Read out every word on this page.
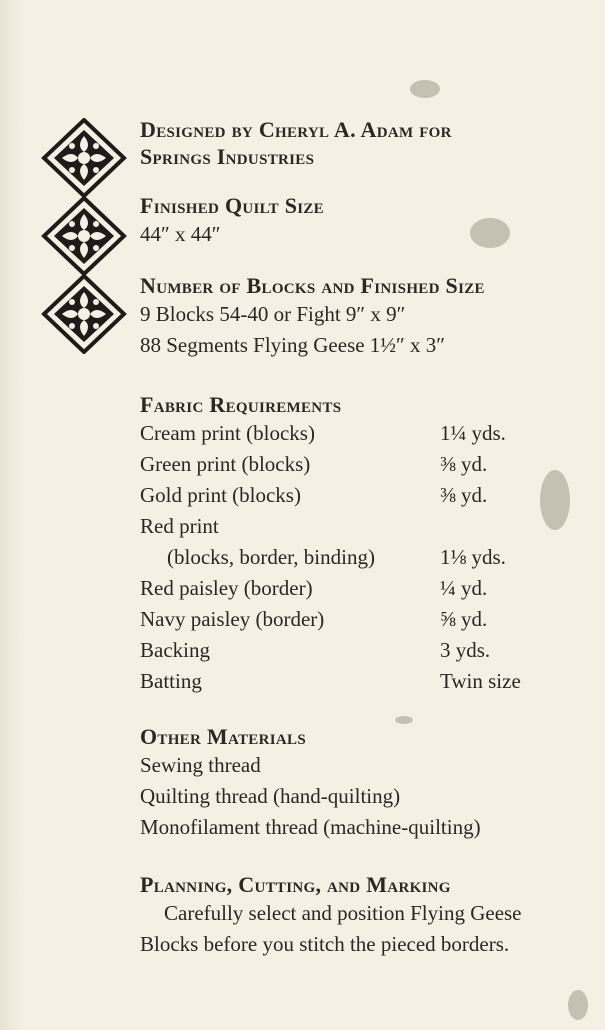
Designed by Cheryl A. Adam for
Springs Industries
Finished Quilt Size
44″ x 44″
Number of Blocks and Finished Size
9 Blocks 54-40 or Fight 9″ x 9″
88 Segments Flying Geese 1½″ x 3″
Fabric Requirements
Cream print (blocks)	1¼ yds.
Green print (blocks)	⅜ yd.
Gold print (blocks)	⅜ yd.
Red print
(blocks, border, binding)	1⅛ yds.
Red paisley (border)	¼ yd.
Navy paisley (border)	⅝ yd.
Backing	3 yds.
Batting	Twin size
Other Materials
Sewing thread
Quilting thread (hand-quilting)
Monofilament thread (machine-quilting)
Planning, Cutting, and Marking
Carefully select and position Flying Geese
Blocks before you stitch the pieced borders.
